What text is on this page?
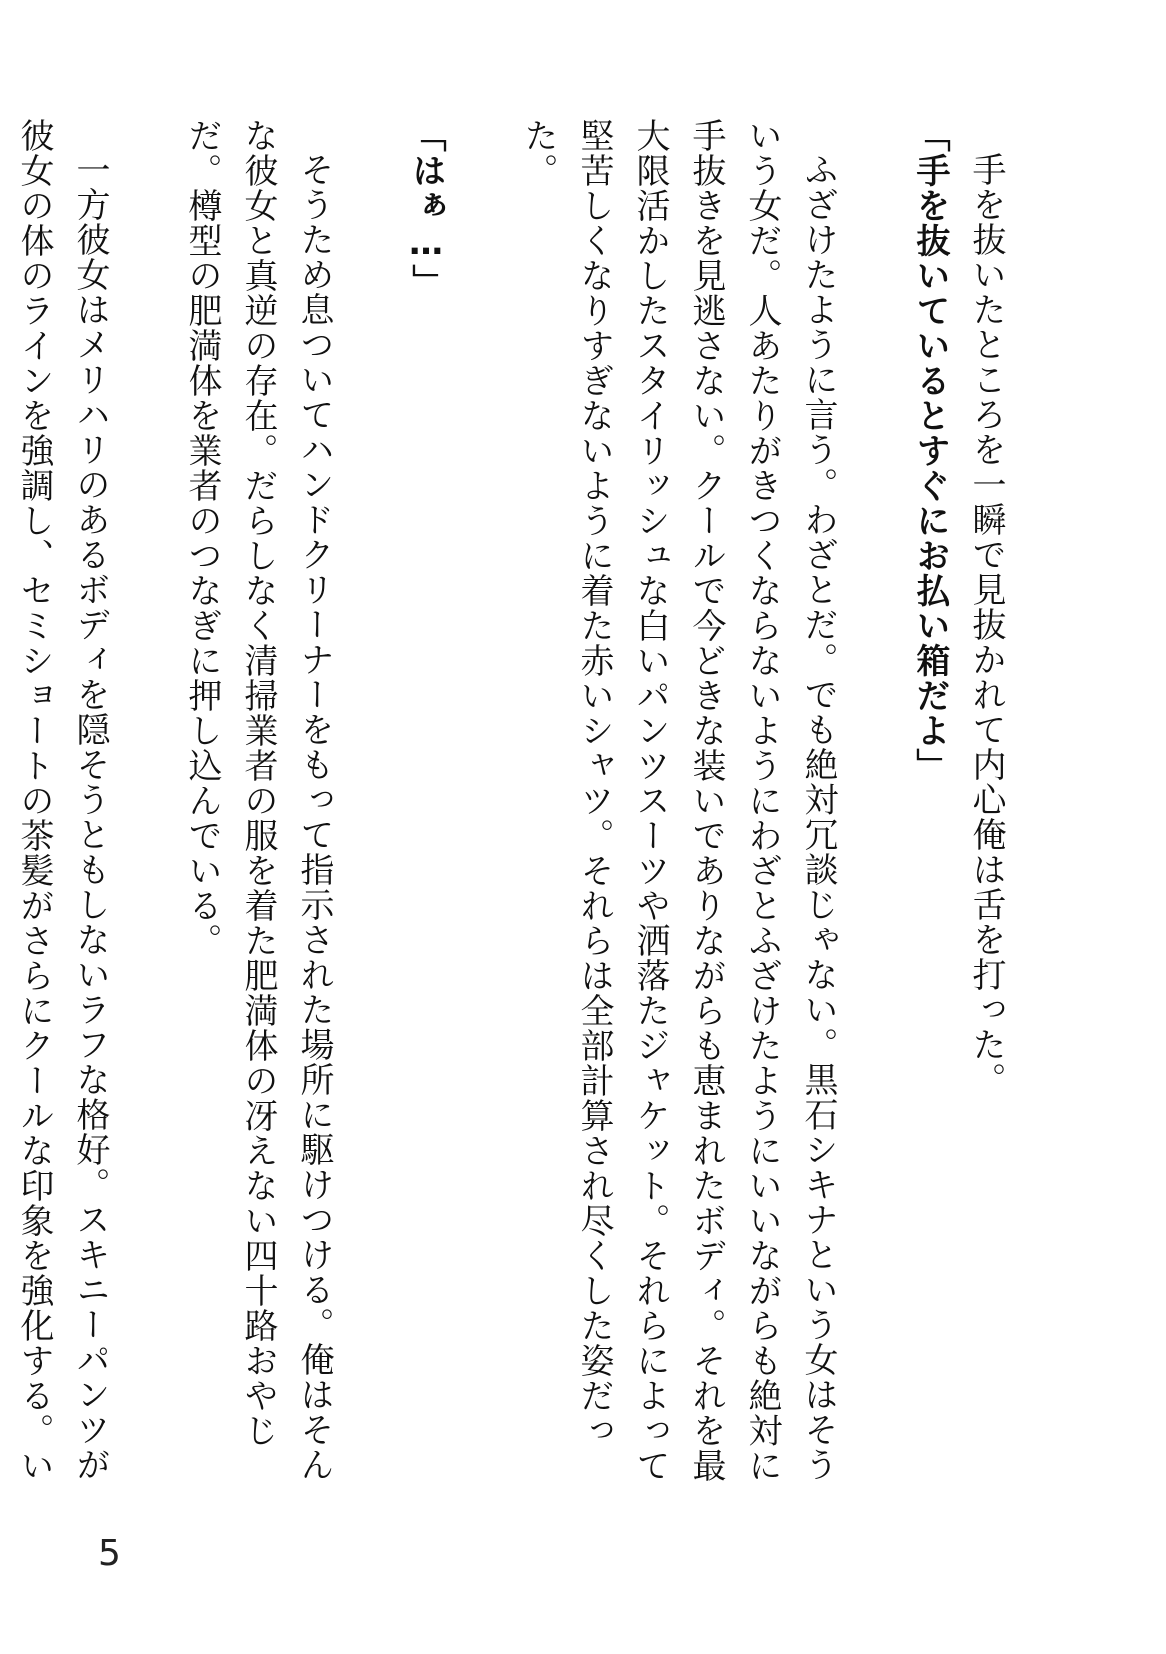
手を抜いたところを一瞬で見抜かれて内心俺は舌を打った。

「手を抜いているとすぐにお払い箱だよ」

ふざけたように言う。わざとだ。でも絶対冗談じゃない。黒石シキナという女はそういう女だ。人あたりがきつくならないようにわざとふざけたようにいいながらも絶対に手抜きを見逃さない。クールで今どきな装いでありながらも恵まれたボディ。それを最大限活かしたスタイリッシュな白いパンツスーツや洒落たジャケット。それらによって堅苦しくなりすぎないように着た赤いシャツ。それらは全部計算され尽くした姿だった。

「はぁ…」

そうため息ついてハンドクリーナーをもって指示された場所に駆けつける。俺はそんな彼女と真逆の存在。だらしなく清掃業者の服を着た肥満体の冴えない四十路おやじだ。樽型の肥満体を業者のつなぎに押し込んでいる。

一方彼女はメリハリのあるボディを隠そうともしないラフな格好。スキニーパンツが彼女の体のラインを強調し、セミショートの茶髪がさらにクールな印象を強化する。い

5
